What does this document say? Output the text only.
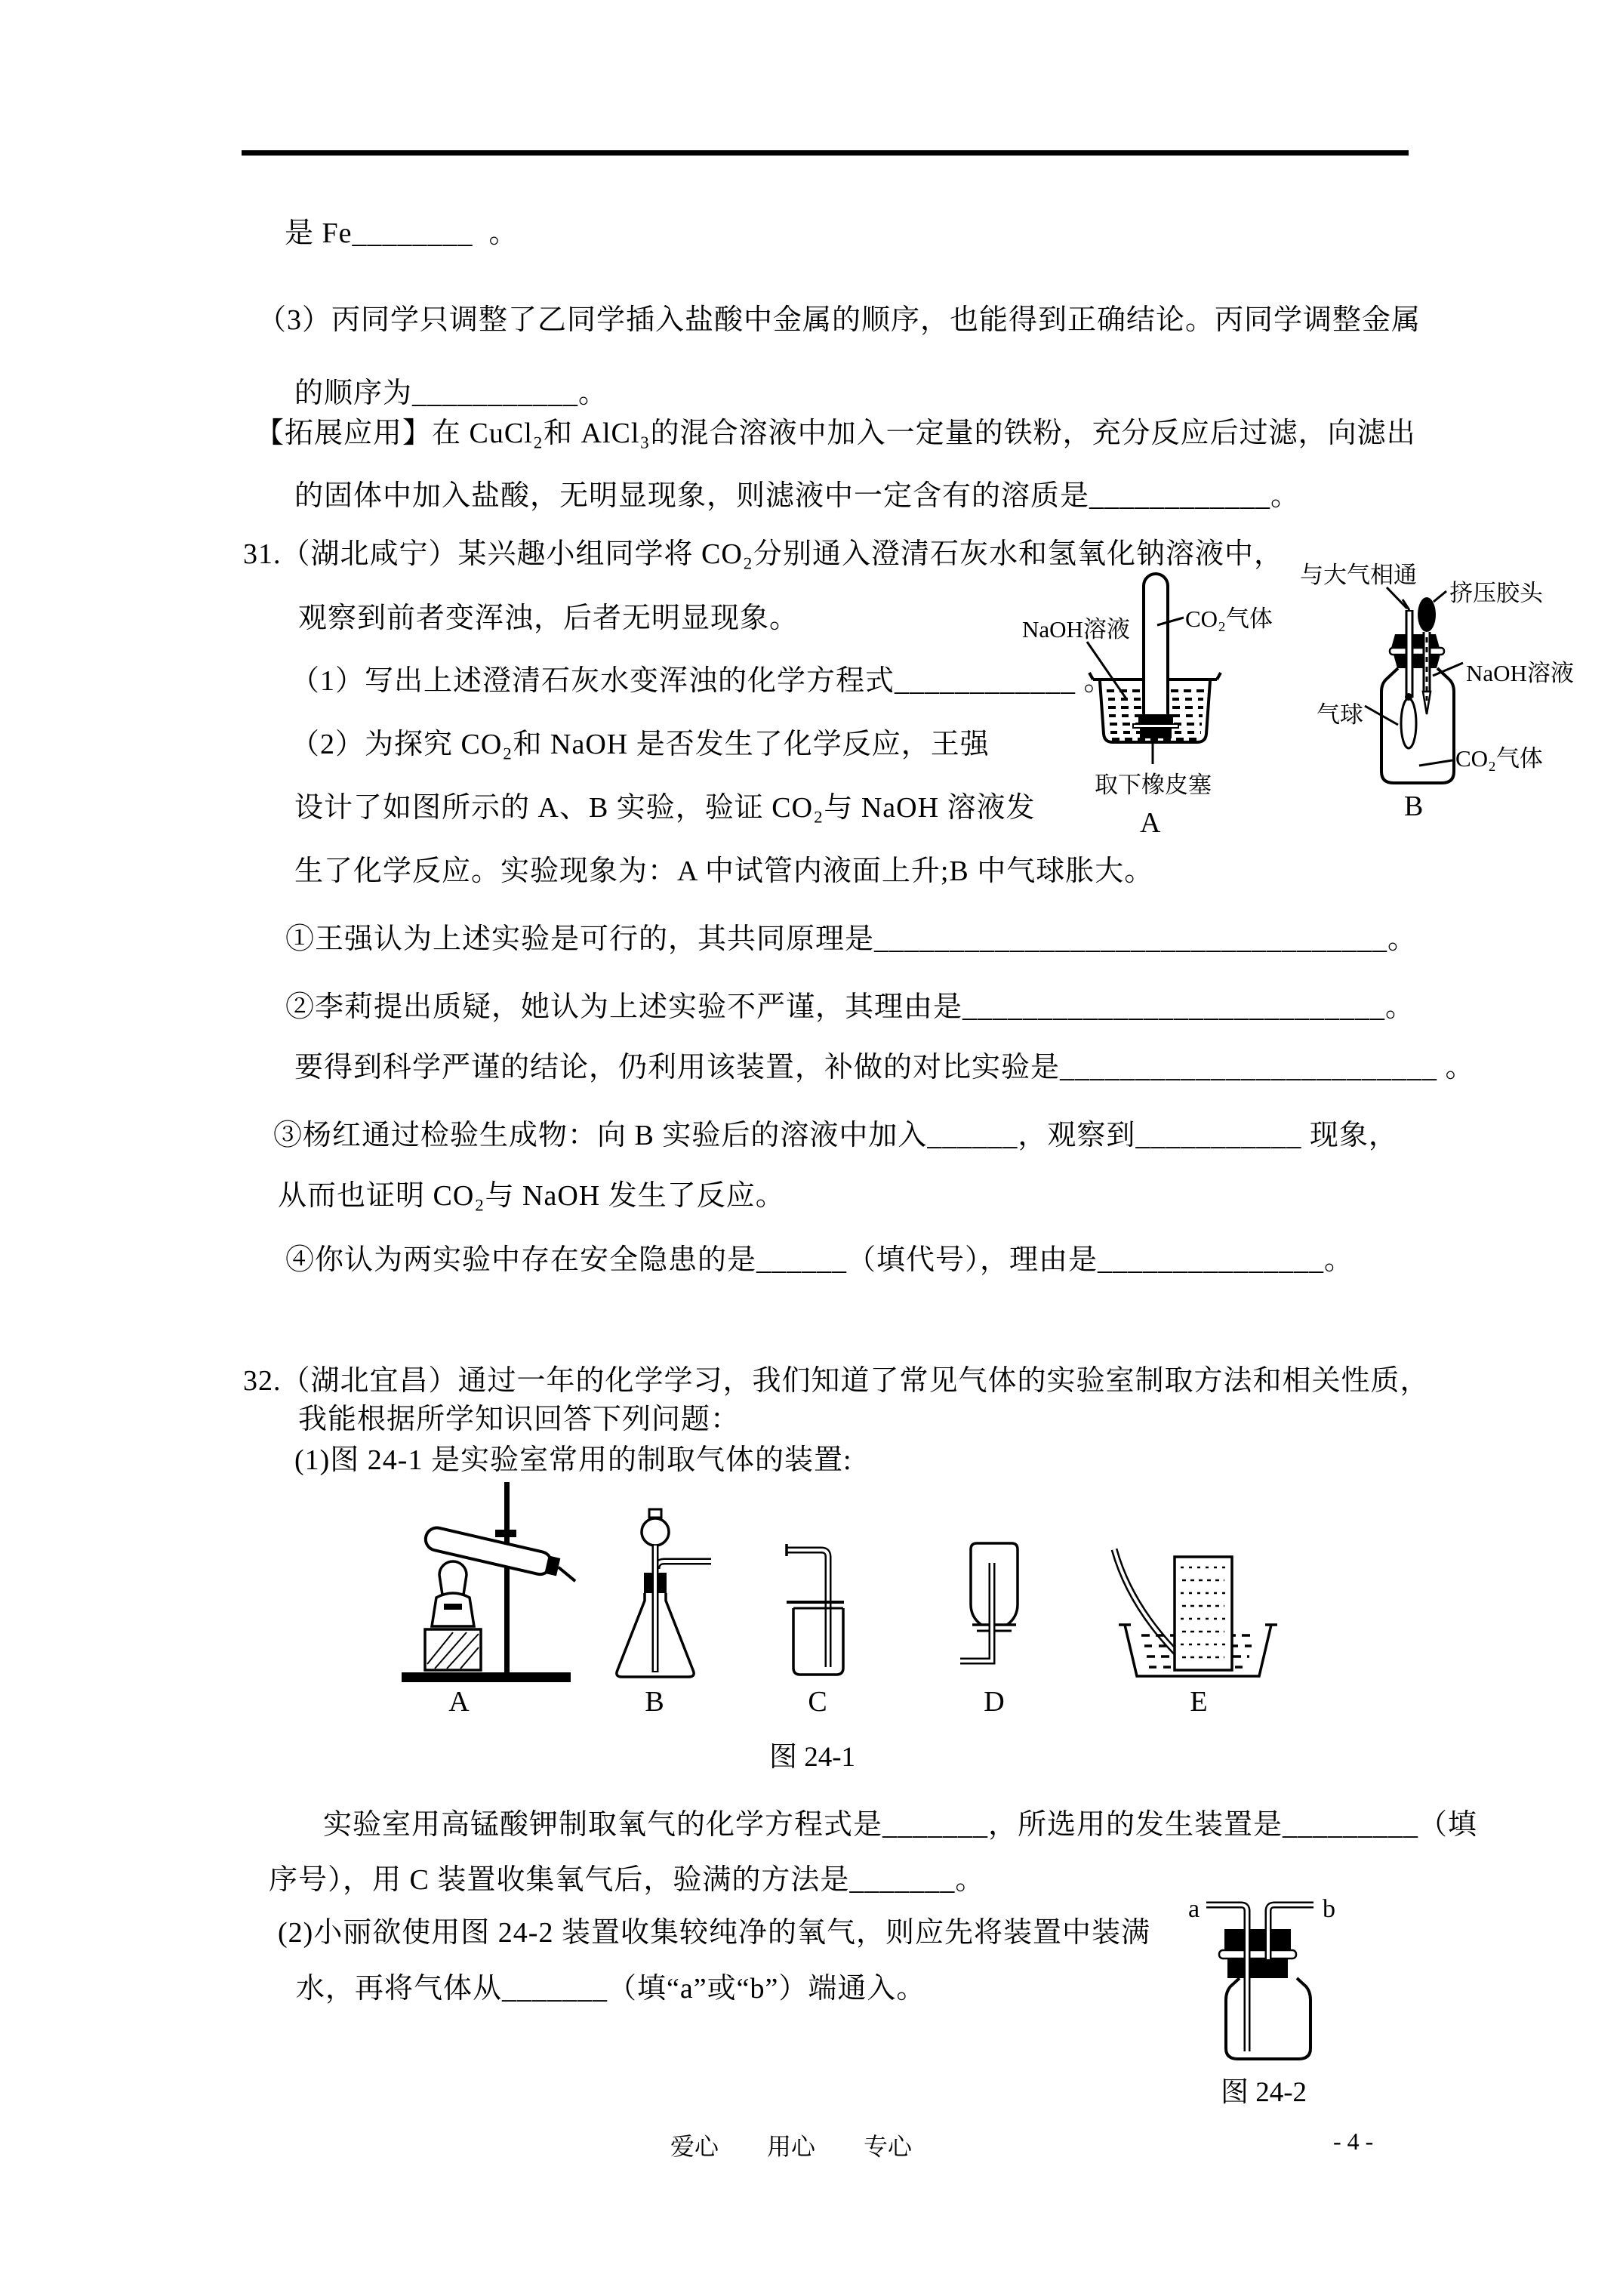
是 Fe________  。
（3）丙同学只调整了乙同学插入盐酸中金属的顺序，也能得到正确结论。丙同学调整金属
的顺序为___________。
【拓展应用】在 CuCl₂和 AlCl₃的混合溶液中加入一定量的铁粉，充分反应后过滤，向滤出
的固体中加入盐酸，无明显现象，则滤液中一定含有的溶质是____________。
31.（湖北咸宁）某兴趣小组同学将 CO₂分别通入澄清石灰水和氢氧化钠溶液中，
观察到前者变浑浊，后者无明显现象。
（1）写出上述澄清石灰水变浑浊的化学方程式____________ 。
（2）为探究 CO₂和 NaOH 是否发生了化学反应，王强
设计了如图所示的 A、B 实验，验证 CO₂与 NaOH 溶液发
生了化学反应。实验现象为：A 中试管内液面上升;B 中气球胀大。
①王强认为上述实验是可行的，其共同原理是__________________________________。
②李莉提出质疑，她认为上述实验不严谨，其理由是____________________________。
要得到科学严谨的结论，仍利用该装置，补做的对比实验是_________________________ 。
③杨红通过检验生成物：向 B 实验后的溶液中加入______，观察到___________ 现象，
从而也证明 CO₂与 NaOH 发生了反应。
④你认为两实验中存在安全隐患的是______（填代号），理由是_______________。
32.（湖北宜昌）通过一年的化学学习，我们知道了常见气体的实验室制取方法和相关性质，
我能根据所学知识回答下列问题：
(1)图 24-1 是实验室常用的制取气体的装置:
实验室用高锰酸钾制取氧气的化学方程式是_______，所选用的发生装置是_________（填
序号），用 C 装置收集氧气后，验满的方法是_______。
(2)小丽欲使用图 24-2 装置收集较纯净的氧气，则应先将装置中装满
水，再将气体从_______（填“a”或“b”）端通入。
NaOH溶液 CO₂气体
取下橡皮塞
A
与大气相通
挤压胶头
NaOH溶液
气球
CO₂气体
B
A	B	C	D	E
图 24-1
a	b
图 24-2
爱心　　用心　　专心	- 4 -
